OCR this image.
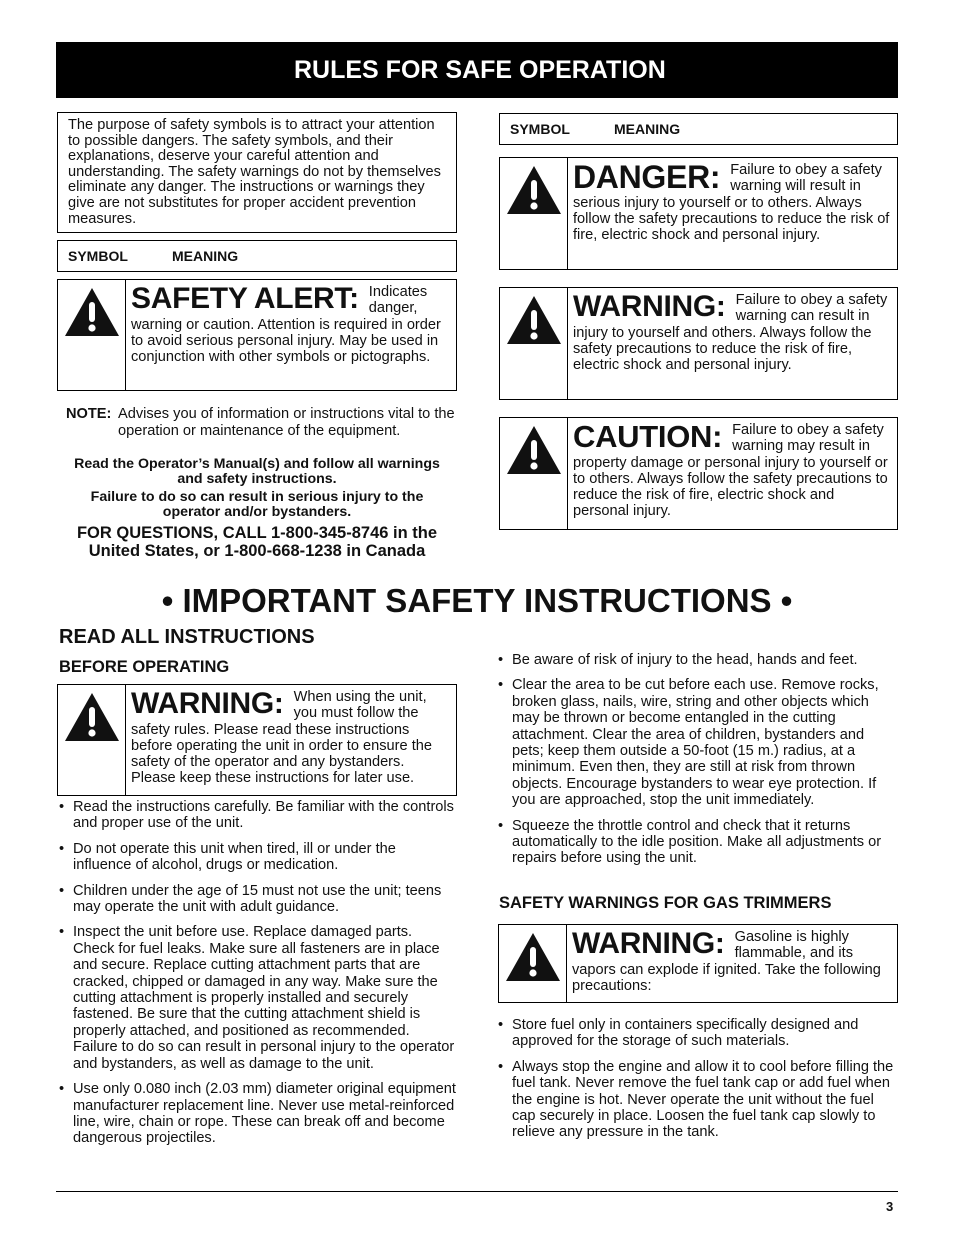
RULES FOR SAFE OPERATION
The purpose of safety symbols is to attract your attention to possible dangers. The safety symbols, and their explanations, deserve your careful attention and understanding. The safety warnings do not by themselves eliminate any danger. The instructions or warnings they give are not substitutes for proper accident prevention measures.
SYMBOL	MEANING
SAFETY ALERT: Indicates danger, warning or caution. Attention is required in order to avoid serious personal injury. May be used in conjunction with other symbols or pictographs.
NOTE: Advises you of information or instructions vital to the operation or maintenance of the equipment.
Read the Operator’s Manual(s) and follow all warnings and safety instructions.
Failure to do so can result in serious injury to the operator and/or bystanders.
FOR QUESTIONS, CALL 1-800-345-8746 in the United States, or 1-800-668-1238 in Canada
SYMBOL	MEANING
DANGER: Failure to obey a safety warning will result in serious injury to yourself or to others. Always follow the safety precautions to reduce the risk of fire, electric shock and personal injury.
WARNING: Failure to obey a safety warning can result in injury to yourself and others. Always follow the safety precautions to reduce the risk of fire, electric shock and personal injury.
CAUTION: Failure to obey a safety warning may result in property damage or personal injury to yourself or to others. Always follow the safety precautions to reduce the risk of fire, electric shock and personal injury.
• IMPORTANT SAFETY INSTRUCTIONS •
READ ALL INSTRUCTIONS
BEFORE OPERATING
WARNING: When using the unit, you must follow the safety rules. Please read these instructions before operating the unit in order to ensure the safety of the operator and any bystanders. Please keep these instructions for later use.
• Read the instructions carefully. Be familiar with the controls and proper use of the unit.
• Do not operate this unit when tired, ill or under the influence of alcohol, drugs or medication.
• Children under the age of 15 must not use the unit; teens may operate the unit with adult guidance.
• Inspect the unit before use. Replace damaged parts. Check for fuel leaks. Make sure all fasteners are in place and secure. Replace cutting attachment parts that are cracked, chipped or damaged in any way. Make sure the cutting attachment is properly installed and securely fastened. Be sure that the cutting attachment shield is properly attached, and positioned as recommended. Failure to do so can result in personal injury to the operator and bystanders, as well as damage to the unit.
• Use only 0.080 inch (2.03 mm) diameter original equipment manufacturer replacement line. Never use metal-reinforced line, wire, chain or rope. These can break off and become dangerous projectiles.
• Be aware of risk of injury to the head, hands and feet.
• Clear the area to be cut before each use. Remove rocks, broken glass, nails, wire, string and other objects which may be thrown or become entangled in the cutting attachment. Clear the area of children, bystanders and pets; keep them outside a 50-foot (15 m.) radius, at a minimum. Even then, they are still at risk from thrown objects. Encourage bystanders to wear eye protection. If you are approached, stop the unit immediately.
• Squeeze the throttle control and check that it returns automatically to the idle position. Make all adjustments or repairs before using the unit.
SAFETY WARNINGS FOR GAS TRIMMERS
WARNING: Gasoline is highly flammable, and its vapors can explode if ignited. Take the following precautions:
• Store fuel only in containers specifically designed and approved for the storage of such materials.
• Always stop the engine and allow it to cool before filling the fuel tank. Never remove the fuel tank cap or add fuel when the engine is hot. Never operate the unit without the fuel cap securely in place. Loosen the fuel tank cap slowly to relieve any pressure in the tank.
3
